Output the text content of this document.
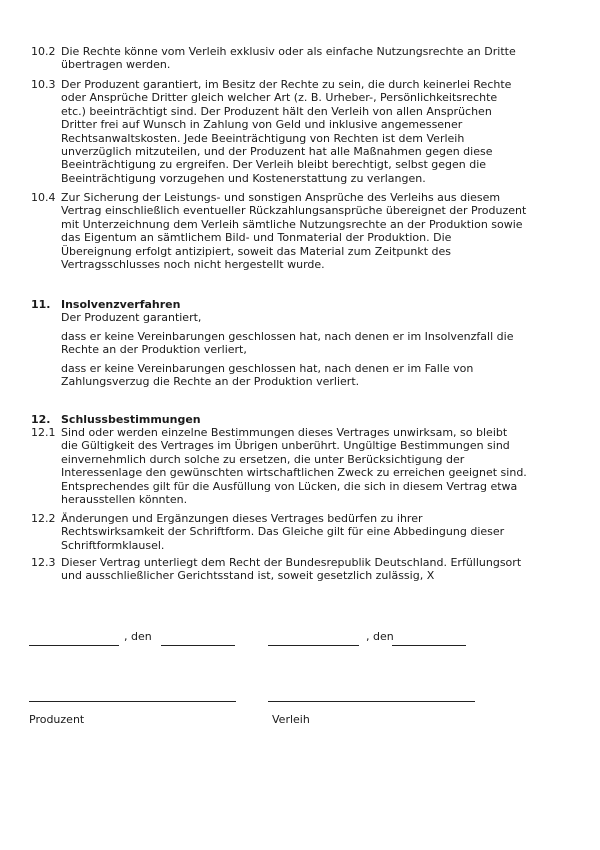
10.2 Die Rechte könne vom Verleih exklusiv oder als einfache Nutzungsrechte an Dritte
übertragen werden.
10.3 Der Produzent garantiert, im Besitz der Rechte zu sein, die durch keinerlei Rechte
oder Ansprüche Dritter gleich welcher Art (z. B. Urheber-, Persönlichkeitsrechte
etc.) beeinträchtigt sind. Der Produzent hält den Verleih von allen Ansprüchen
Dritter frei auf Wunsch in Zahlung von Geld und inklusive angemessener
Rechtsanwaltskosten. Jede Beeinträchtigung von Rechten ist dem Verleih
unverzüglich mitzuteilen, und der Produzent hat alle Maßnahmen gegen diese
Beeinträchtigung zu ergreifen. Der Verleih bleibt berechtigt, selbst gegen die
Beeinträchtigung vorzugehen und Kostenerstattung zu verlangen.
10.4 Zur Sicherung der Leistungs- und sonstigen Ansprüche des Verleihs aus diesem
Vertrag einschließlich eventueller Rückzahlungsansprüche übereignet der Produzent
mit Unterzeichnung dem Verleih sämtliche Nutzungsrechte an der Produktion sowie
das Eigentum an sämtlichem Bild- und Tonmaterial der Produktion. Die
Übereignung erfolgt antizipiert, soweit das Material zum Zeitpunkt des
Vertragsschlusses noch nicht hergestellt wurde.
11. Insolvenzverfahren
Der Produzent garantiert,
dass er keine Vereinbarungen geschlossen hat, nach denen er im Insolvenzfall die
Rechte an der Produktion verliert,
dass er keine Vereinbarungen geschlossen hat, nach denen er im Falle von
Zahlungsverzug die Rechte an der Produktion verliert.
12. Schlussbestimmungen
12.1 Sind oder werden einzelne Bestimmungen dieses Vertrages unwirksam, so bleibt
die Gültigkeit des Vertrages im Übrigen unberührt. Ungültige Bestimmungen sind
einvernehmlich durch solche zu ersetzen, die unter Berücksichtigung der
Interessenlage den gewünschten wirtschaftlichen Zweck zu erreichen geeignet sind.
Entsprechendes gilt für die Ausfüllung von Lücken, die sich in diesem Vertrag etwa
herausstellen könnten.
12.2 Änderungen und Ergänzungen dieses Vertrages bedürfen zu ihrer
Rechtswirksamkeit der Schriftform. Das Gleiche gilt für eine Abbedingung dieser
Schriftformklausel.
12.3 Dieser Vertrag unterliegt dem Recht der Bundesrepublik Deutschland. Erfüllungsort
und ausschließlicher Gerichtsstand ist, soweit gesetzlich zulässig, X
, den	, den
Produzent	Verleih
